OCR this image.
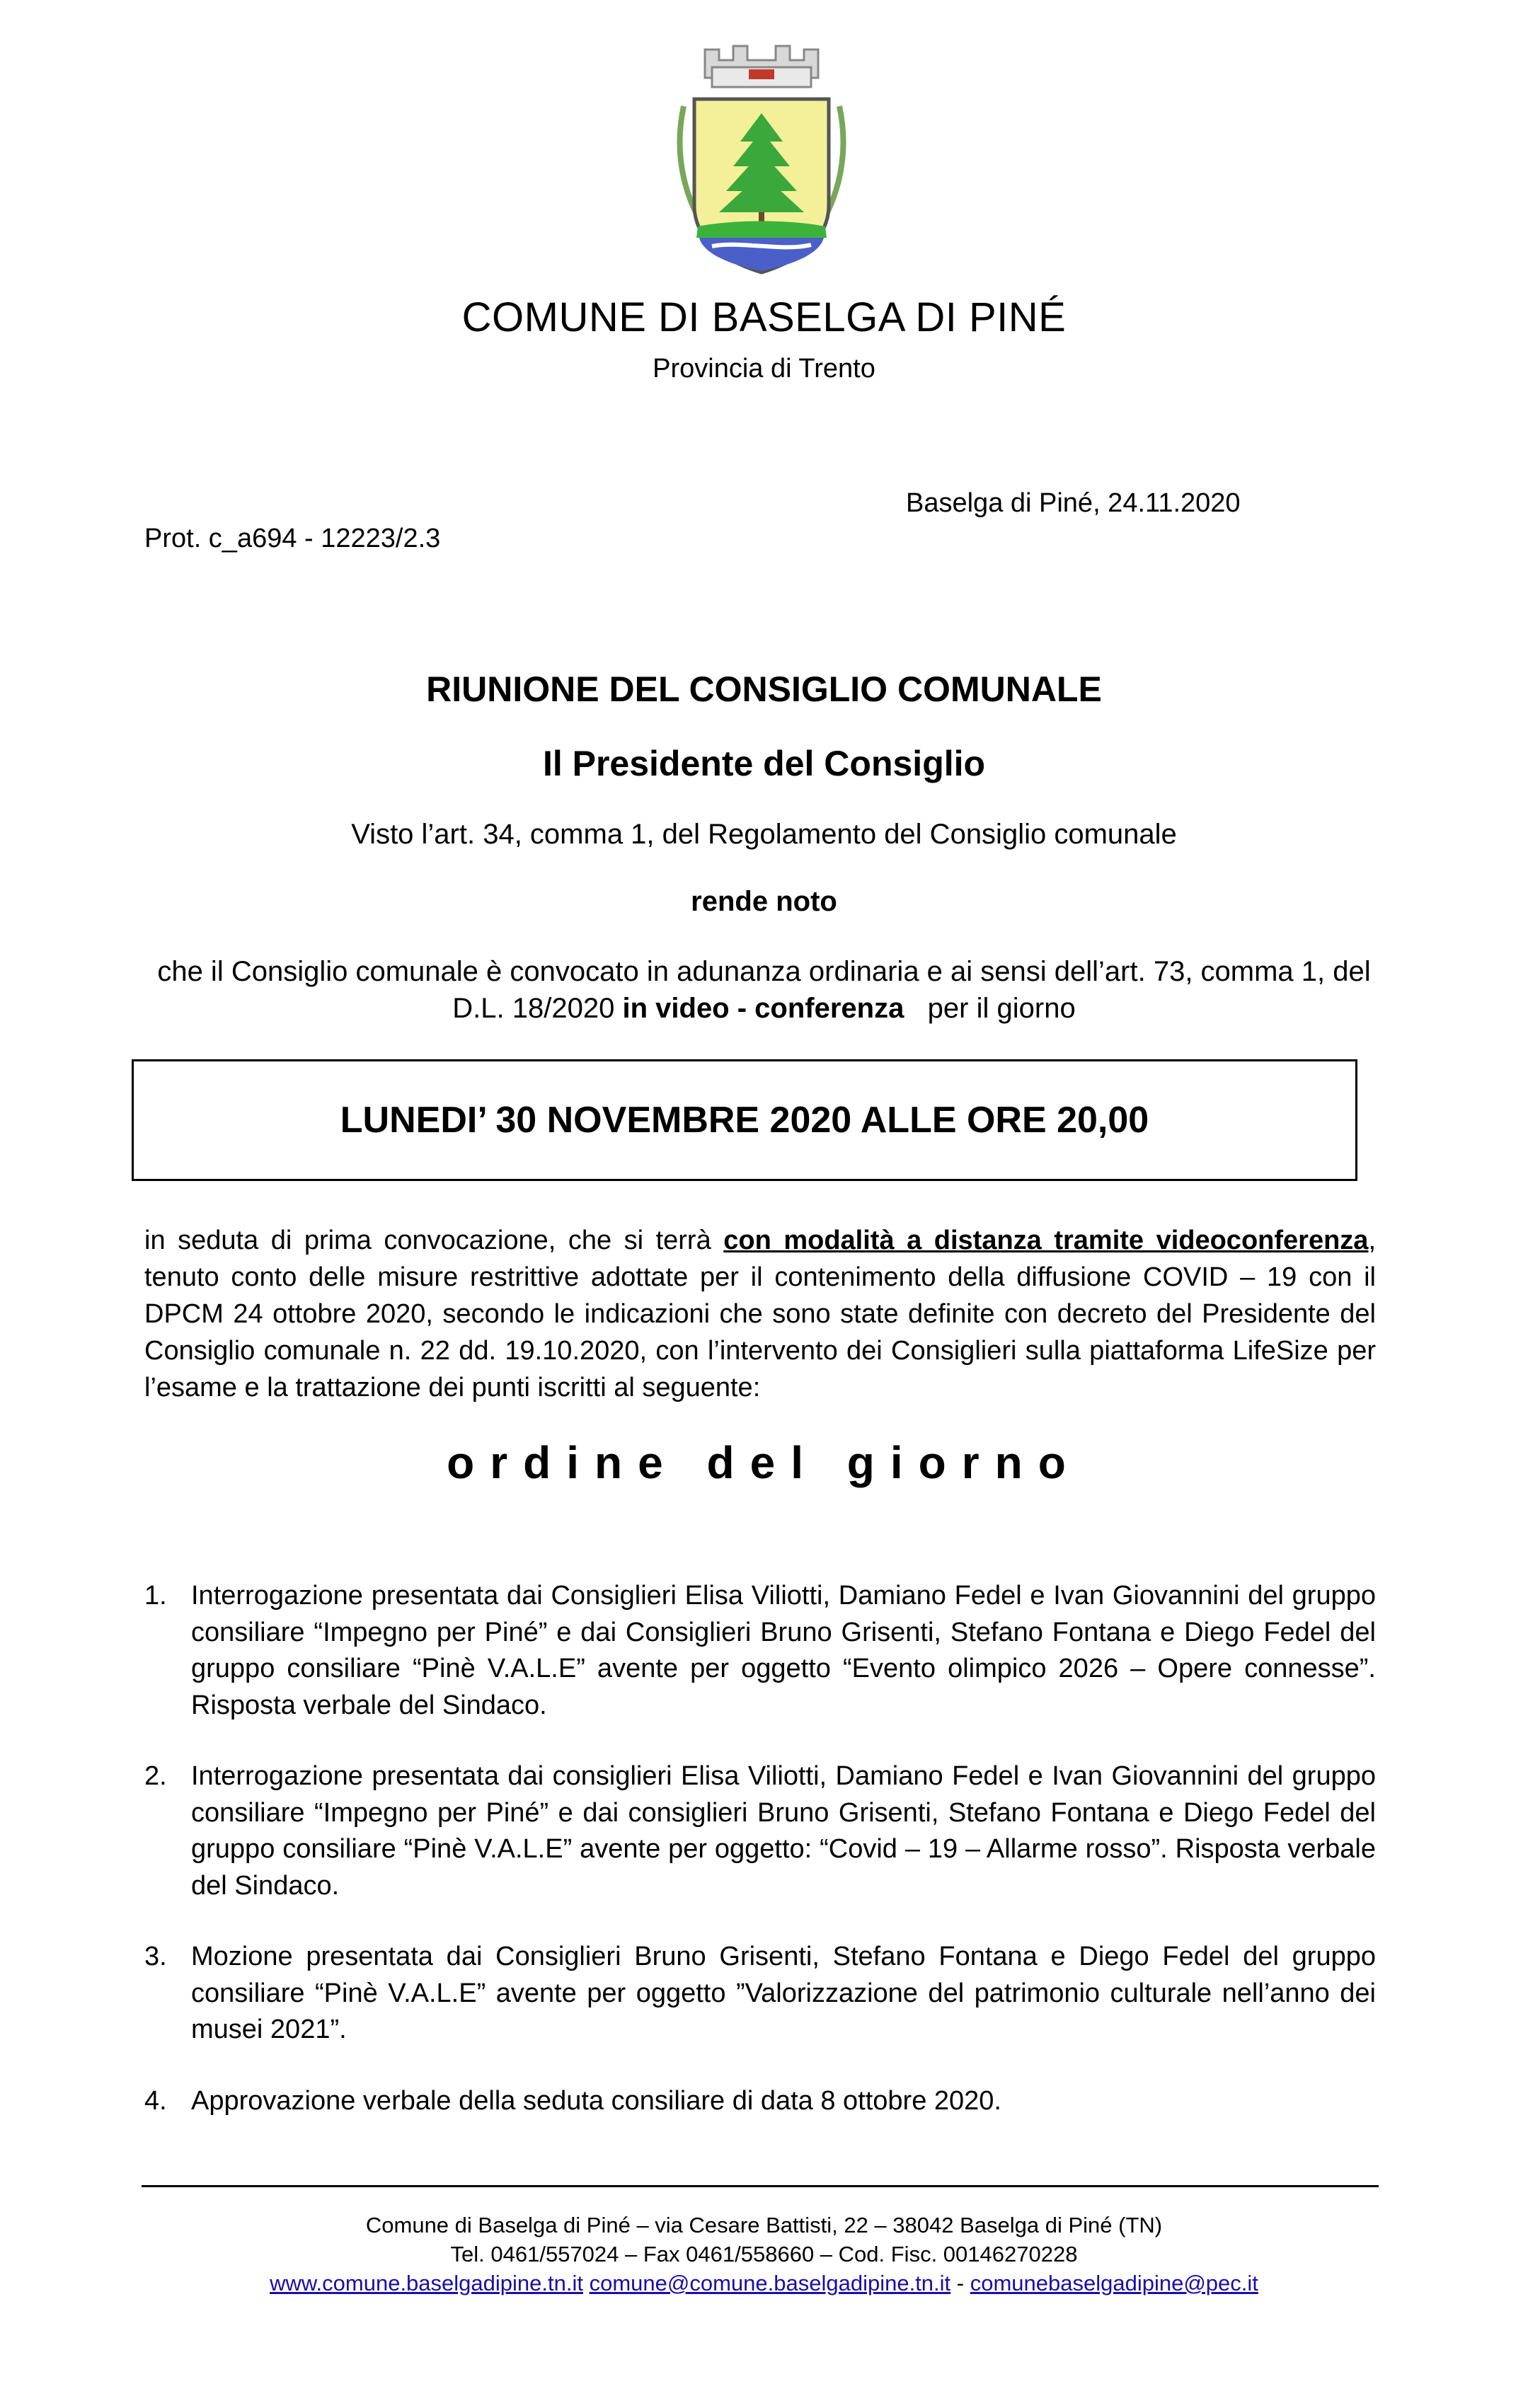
COMUNE DI BASELGA DI PINÉ
Provincia di Trento
Prot. c_a694 - 12223/2.3
Baselga di Piné, 24.11.2020
RIUNIONE DEL CONSIGLIO COMUNALE
Il Presidente del Consiglio
Visto l’art. 34, comma 1, del Regolamento del Consiglio comunale
rende noto
che il Consiglio comunale è convocato in adunanza ordinaria e ai sensi dell’art. 73, comma 1, del D.L. 18/2020 in video - conferenza   per il giorno
LUNEDI’ 30 NOVEMBRE 2020 ALLE ORE 20,00
in seduta di prima convocazione, che si terrà con modalità a distanza tramite videoconferenza, tenuto conto delle misure restrittive adottate per il contenimento della diffusione COVID – 19 con il DPCM 24 ottobre 2020, secondo le indicazioni che sono state definite con decreto del Presidente del Consiglio comunale n. 22 dd. 19.10.2020, con l’intervento dei Consiglieri sulla piattaforma LifeSize per l’esame e la trattazione dei punti iscritti al seguente:
ordine del giorno
1. Interrogazione presentata dai Consiglieri Elisa Viliotti, Damiano Fedel e Ivan Giovannini del gruppo consiliare “Impegno per Piné” e dai Consiglieri Bruno Grisenti, Stefano Fontana e Diego Fedel del gruppo consiliare “Pinè V.A.L.E” avente per oggetto “Evento olimpico 2026 – Opere connesse”. Risposta verbale del Sindaco.
2. Interrogazione presentata dai consiglieri Elisa Viliotti, Damiano Fedel e Ivan Giovannini del gruppo consiliare “Impegno per Piné” e dai consiglieri Bruno Grisenti, Stefano Fontana e Diego Fedel del gruppo consiliare “Pinè V.A.L.E” avente per oggetto: “Covid – 19 – Allarme rosso”. Risposta verbale del Sindaco.
3. Mozione presentata dai Consiglieri Bruno Grisenti, Stefano Fontana e Diego Fedel del gruppo consiliare “Pinè V.A.L.E” avente per oggetto ”Valorizzazione del patrimonio culturale nell’anno dei musei 2021”.
4. Approvazione verbale della seduta consiliare di data 8 ottobre 2020.
Comune di Baselga di Piné – via Cesare Battisti, 22 – 38042 Baselga di Piné (TN)
Tel. 0461/557024 – Fax 0461/558660 – Cod. Fisc. 00146270228
www.comune.baselgadipine.tn.it comune@comune.baselgadipine.tn.it - comunebaselgadipine@pec.it
